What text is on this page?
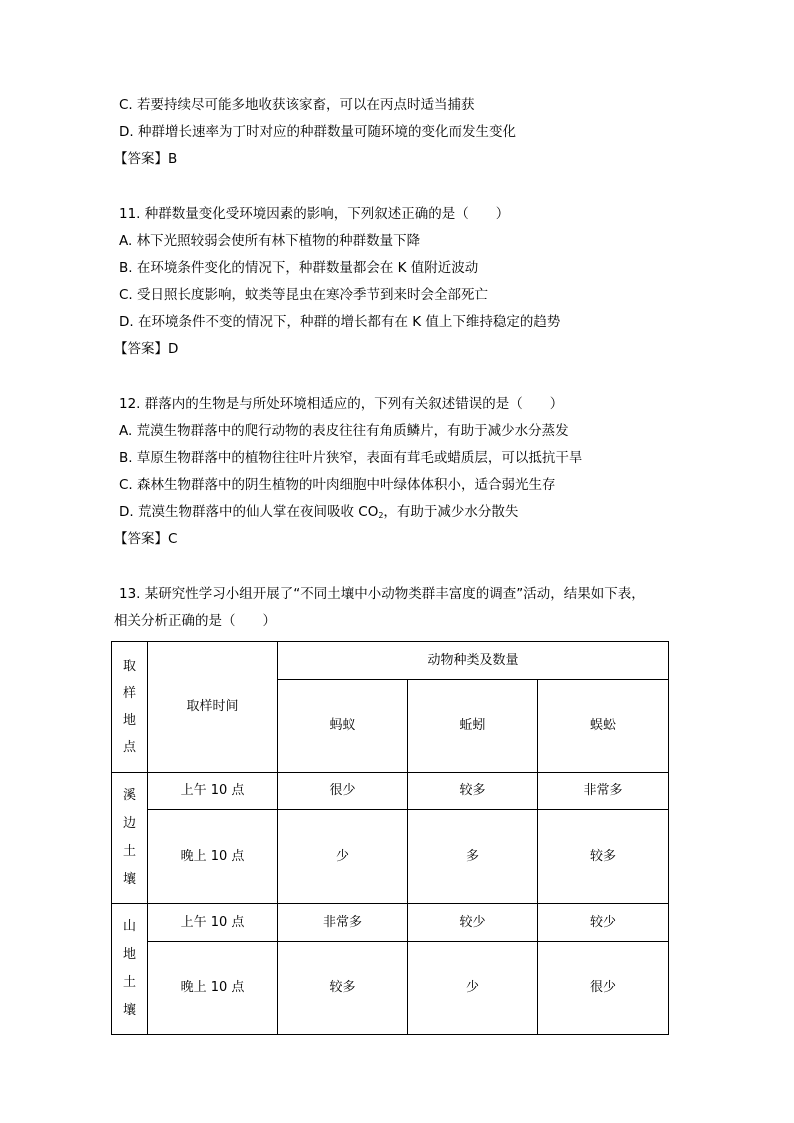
C. 若要持续尽可能多地收获该家畜，可以在丙点时适当捕获
D. 种群增长速率为丁时对应的种群数量可随环境的变化而发生变化
【答案】B
11. 种群数量变化受环境因素的影响，下列叙述正确的是（　　）
A. 林下光照较弱会使所有林下植物的种群数量下降
B. 在环境条件变化的情况下，种群数量都会在 K 值附近波动
C. 受日照长度影响，蚊类等昆虫在寒冷季节到来时会全部死亡
D. 在环境条件不变的情况下，种群的增长都有在 K 值上下维持稳定的趋势
【答案】D
12. 群落内的生物是与所处环境相适应的，下列有关叙述错误的是（　　）
A. 荒漠生物群落中的爬行动物的表皮往往有角质鳞片，有助于减少水分蒸发
B. 草原生物群落中的植物往往叶片狭窄，表面有茸毛或蜡质层，可以抵抗干旱
C. 森林生物群落中的阴生植物的叶肉细胞中叶绿体体积小，适合弱光生存
D. 荒漠生物群落中的仙人掌在夜间吸收 $CO_2$，有助于减少水分散失
【答案】C
13. 某研究性学习小组开展了“不同土壤中小动物类群丰富度的调查”活动，结果如下表，
相关分析正确的是（　　）
取
样
地
点	取样时间	动物种类及数量		
		蚂蚁	蚯蚓	蜈蚣

溪
边
土
壤	上午 10 点	很少	较多	非常多
	晚上 10 点	少	多	较多

山
地
土
壤	上午 10 点	非常多	较少	较少
	晚上 10 点	较多	少	很少
